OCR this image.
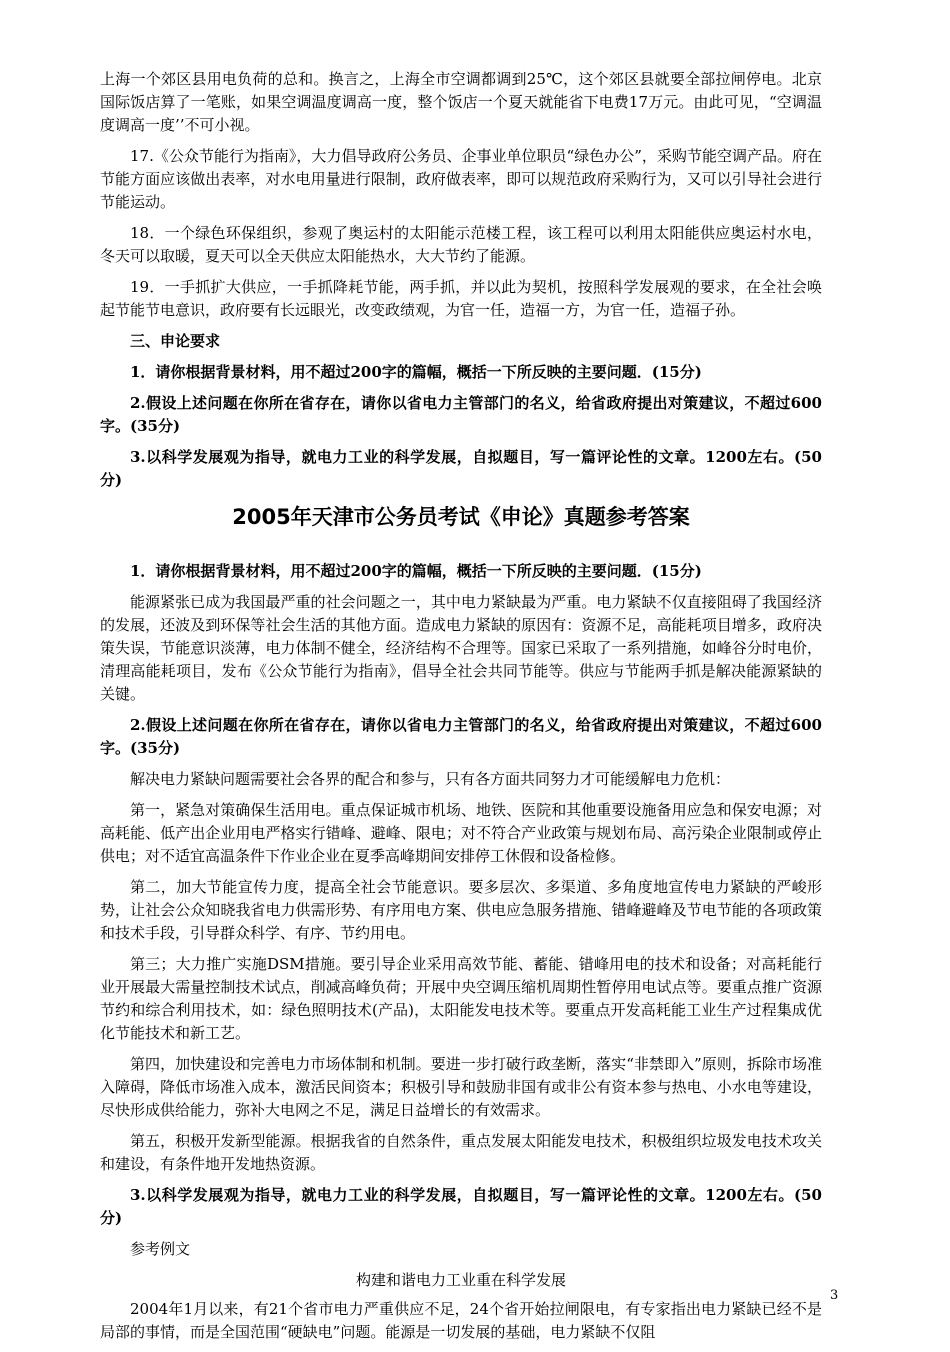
上海一个郊区县用电负荷的总和。换言之，上海全市空调都调到25℃，这个郊区县就要全部拉闸停电。北京国际饭店算了一笔账，如果空调温度调高一度，整个饭店一个夏天就能省下电费17万元。由此可见，“空调温度调高一度’’不可小视。

17.《公众节能行为指南》，大力倡导政府公务员、企事业单位职员“绿色办公”，采购节能空调产品。府在节能方面应该做出表率，对水电用量进行限制，政府做表率，即可以规范政府采购行为，又可以引导社会进行节能运动。

18．一个绿色环保组织，参观了奥运村的太阳能示范楼工程，该工程可以利用太阳能供应奥运村水电，冬天可以取暖，夏天可以全天供应太阳能热水，大大节约了能源。

19．一手抓扩大供应，一手抓降耗节能，两手抓，并以此为契机，按照科学发展观的要求，在全社会唤起节能节电意识，政府要有长远眼光，改变政绩观，为官一任，造福一方，为官一任，造福子孙。

三、申论要求

1．请你根据背景材料，用不超过200字的篇幅，概括一下所反映的主要问题．(15分)

2.假设上述问题在你所在省存在，请你以省电力主管部门的名义，给省政府提出对策建议，不超过600字。(35分)

3.以科学发展观为指导，就电力工业的科学发展，自拟题目，写一篇评论性的文章。1200左右。(50分)

2005年天津市公务员考试《申论》真题参考答案

1．请你根据背景材料，用不超过200字的篇幅，概括一下所反映的主要问题．(15分)

能源紧张已成为我国最严重的社会问题之一，其中电力紧缺最为严重。电力紧缺不仅直接阻碍了我国经济的发展，还波及到环保等社会生活的其他方面。造成电力紧缺的原因有：资源不足，高能耗项目增多，政府决策失误，节能意识淡薄，电力体制不健全，经济结构不合理等。国家已采取了一系列措施，如峰谷分时电价，清理高能耗项目，发布《公众节能行为指南》，倡导全社会共同节能等。供应与节能两手抓是解决能源紧缺的关键。

2.假设上述问题在你所在省存在，请你以省电力主管部门的名义，给省政府提出对策建议，不超过600字。(35分)

解决电力紧缺问题需要社会各界的配合和参与，只有各方面共同努力才可能缓解电力危机：

第一，紧急对策确保生活用电。重点保证城市机场、地铁、医院和其他重要设施备用应急和保安电源；对高耗能、低产出企业用电严格实行错峰、避峰、限电；对不符合产业政策与规划布局、高污染企业限制或停止供电；对不适宜高温条件下作业企业在夏季高峰期间安排停工休假和设备检修。

第二，加大节能宣传力度，提高全社会节能意识。要多层次、多渠道、多角度地宣传电力紧缺的严峻形势，让社会公众知晓我省电力供需形势、有序用电方案、供电应急服务措施、错峰避峰及节电节能的各项政策和技术手段，引导群众科学、有序、节约用电。

第三；大力推广实施DSM措施。要引导企业采用高效节能、蓄能、错峰用电的技术和设备；对高耗能行业开展最大需量控制技术试点，削减高峰负荷；开展中央空调压缩机周期性暂停用电试点等。要重点推广资源节约和综合利用技术，如：绿色照明技术(产品)，太阳能发电技术等。要重点开发高耗能工业生产过程集成优化节能技术和新工艺。

第四，加快建设和完善电力市场体制和机制。要进一步打破行政垄断，落实“非禁即入”原则，拆除市场准入障碍，降低市场准入成本，激活民间资本；积极引导和鼓励非国有或非公有资本参与热电、小水电等建设，尽快形成供给能力，弥补大电网之不足，满足日益增长的有效需求。

第五，积极开发新型能源。根据我省的自然条件，重点发展太阳能发电技术，积极组织垃圾发电技术攻关和建设，有条件地开发地热资源。

3.以科学发展观为指导，就电力工业的科学发展，自拟题目，写一篇评论性的文章。1200左右。(50分)

参考例文

构建和谐电力工业重在科学发展

2004年1月以来，有21个省市电力严重供应不足，24个省开始拉闸限电，有专家指出电力紧缺已经不是局部的事情，而是全国范围“硬缺电”问题。能源是一切发展的基础，电力紧缺不仅阻

3
